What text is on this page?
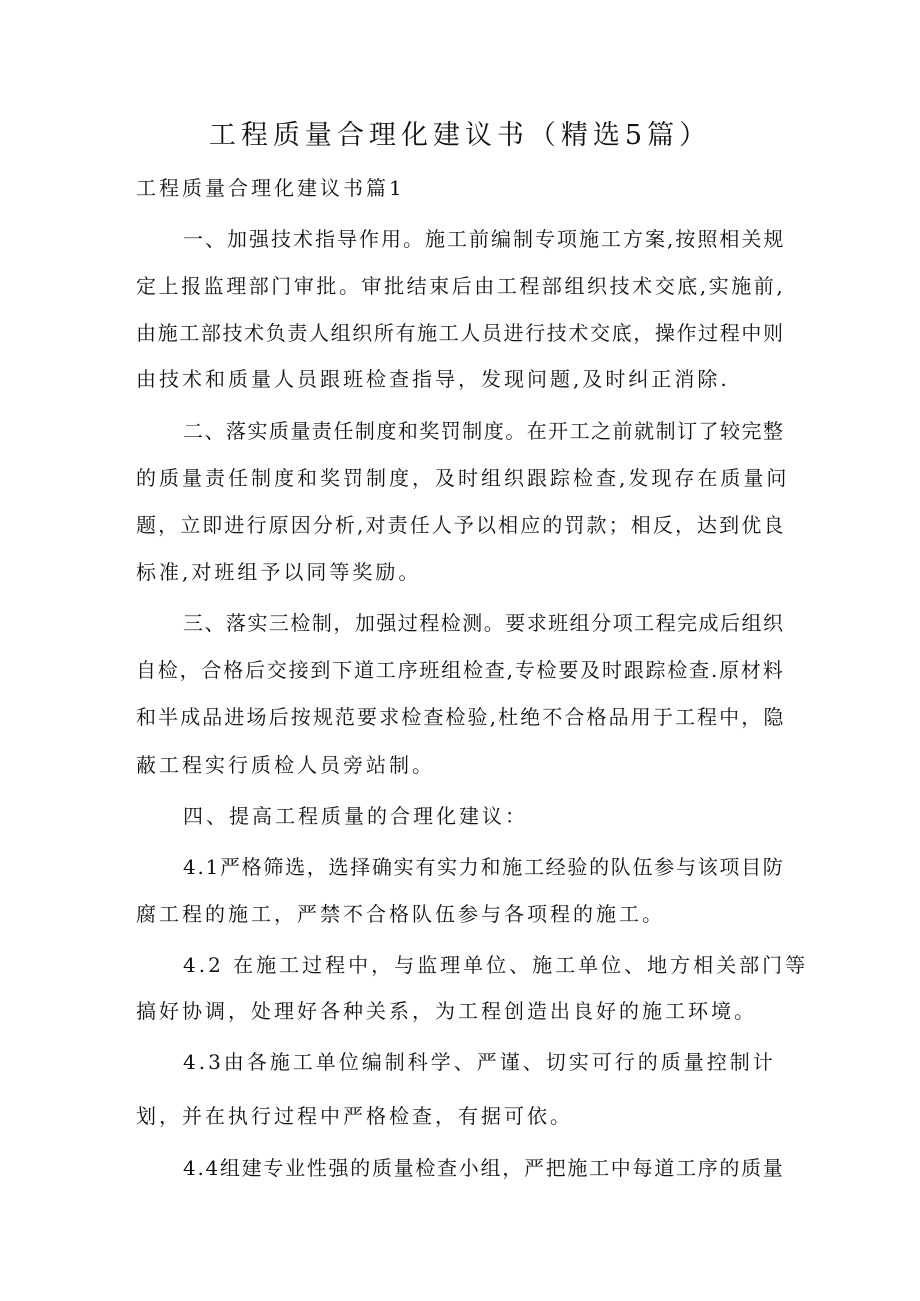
工程质量合理化建议书（精选5篇）
工程质量合理化建议书篇1
一、加强技术指导作用。施工前编制专项施工方案,按照相关规
定上报监理部门审批。审批结束后由工程部组织技术交底,实施前,
由施工部技术负责人组织所有施工人员进行技术交底，操作过程中则
由技术和质量人员跟班检查指导，发现问题,及时纠正消除.
二、落实质量责任制度和奖罚制度。在开工之前就制订了较完整
的质量责任制度和奖罚制度，及时组织跟踪检查,发现存在质量问
题，立即进行原因分析,对责任人予以相应的罚款；相反，达到优良
标准,对班组予以同等奖励。
三、落实三检制，加强过程检测。要求班组分项工程完成后组织
自检，合格后交接到下道工序班组检查,专检要及时跟踪检查.原材料
和半成品进场后按规范要求检查检验,杜绝不合格品用于工程中，隐
蔽工程实行质检人员旁站制。
四、提高工程质量的合理化建议：
4.1严格筛选，选择确实有实力和施工经验的队伍参与该项目防
腐工程的施工，严禁不合格队伍参与各项程的施工。
4.2 在施工过程中，与监理单位、施工单位、地方相关部门等
搞好协调，处理好各种关系，为工程创造出良好的施工环境。
4.3由各施工单位编制科学、严谨、切实可行的质量控制计
划，并在执行过程中严格检查，有据可依。
4.4组建专业性强的质量检查小组，严把施工中每道工序的质量
